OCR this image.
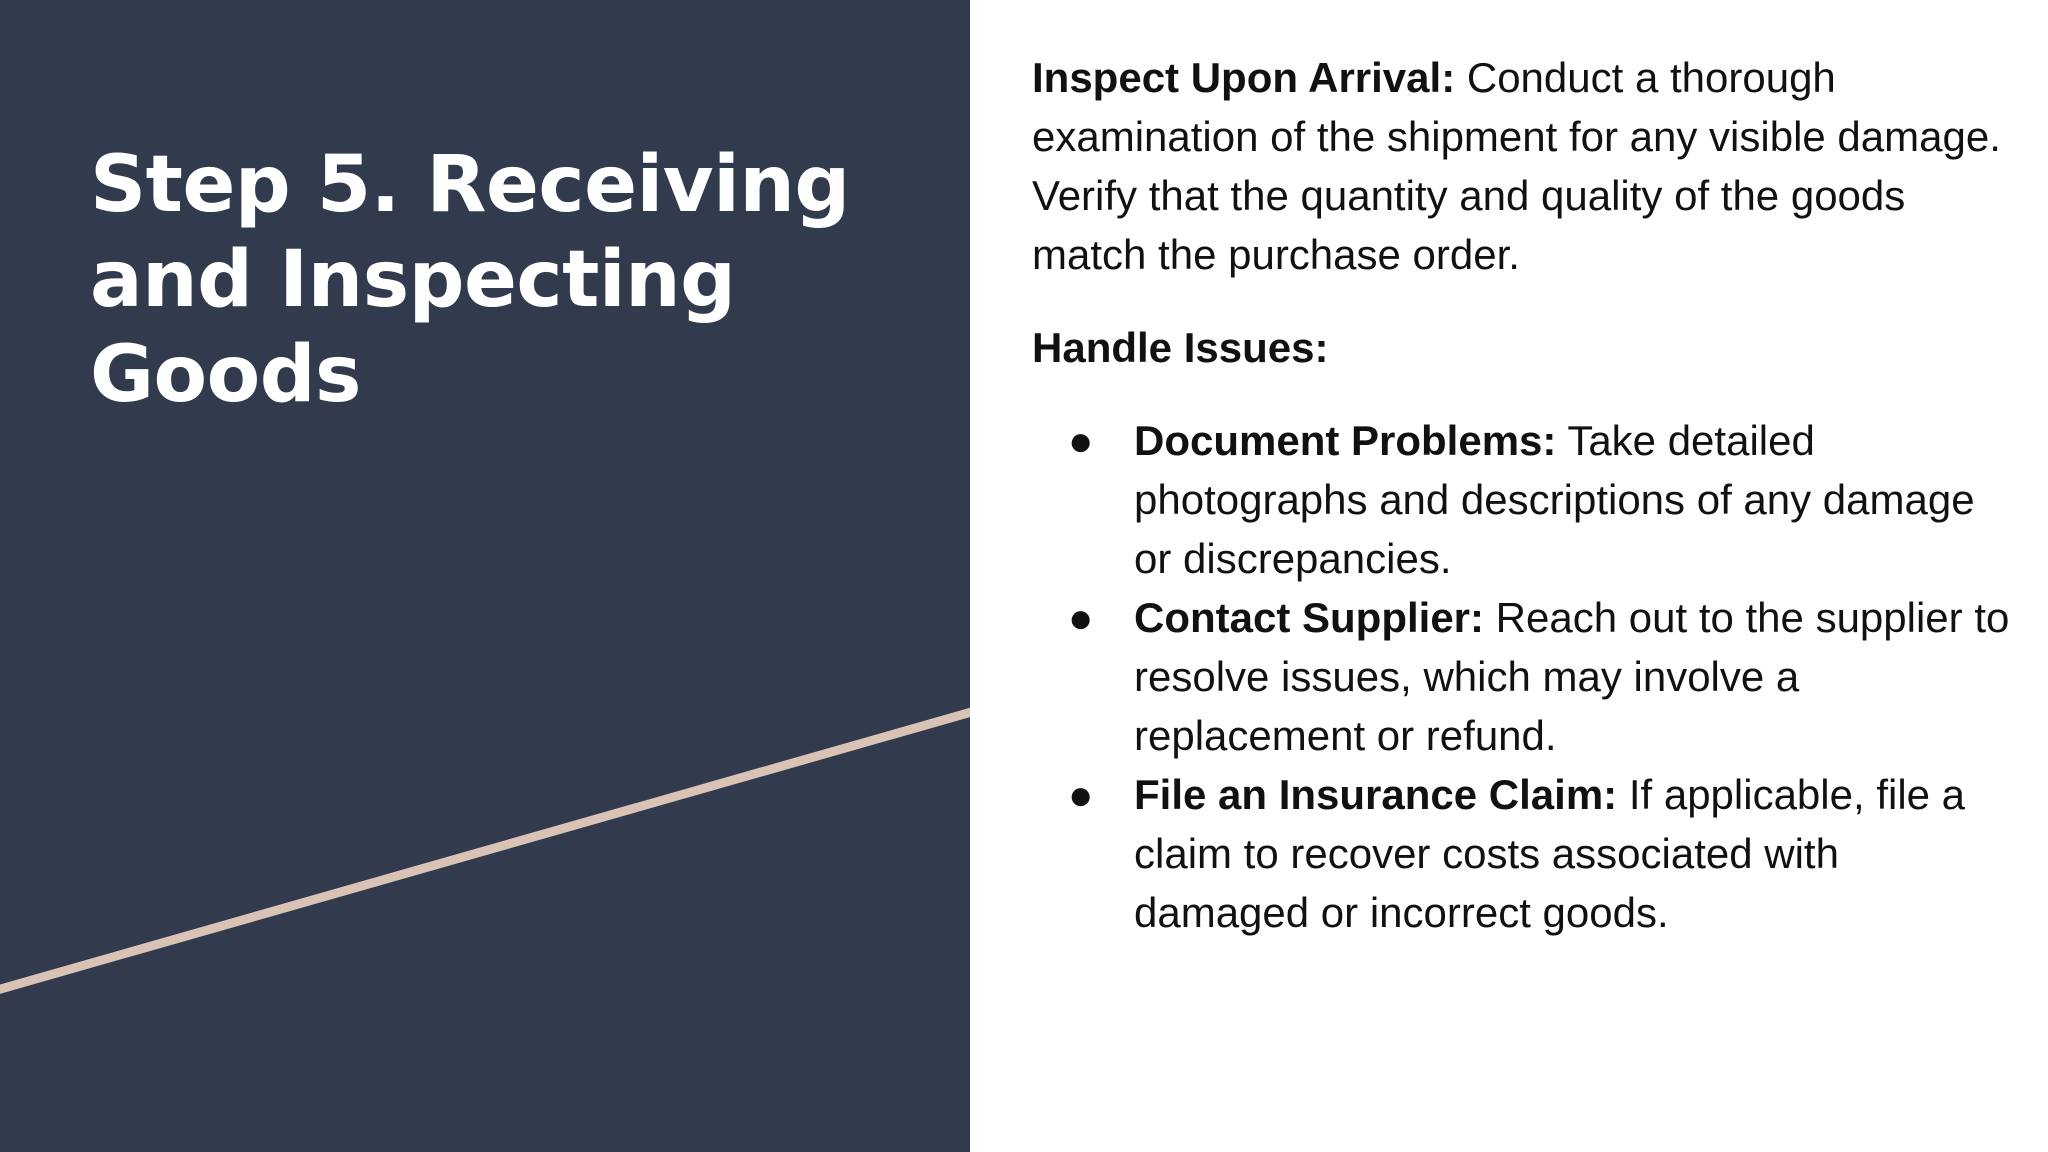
Step 5. Receiving and Inspecting Goods

Inspect Upon Arrival: Conduct a thorough examination of the shipment for any visible damage. Verify that the quantity and quality of the goods match the purchase order.

Handle Issues:

● Document Problems: Take detailed photographs and descriptions of any damage or discrepancies.
● Contact Supplier: Reach out to the supplier to resolve issues, which may involve a replacement or refund.
● File an Insurance Claim: If applicable, file a claim to recover costs associated with damaged or incorrect goods.
